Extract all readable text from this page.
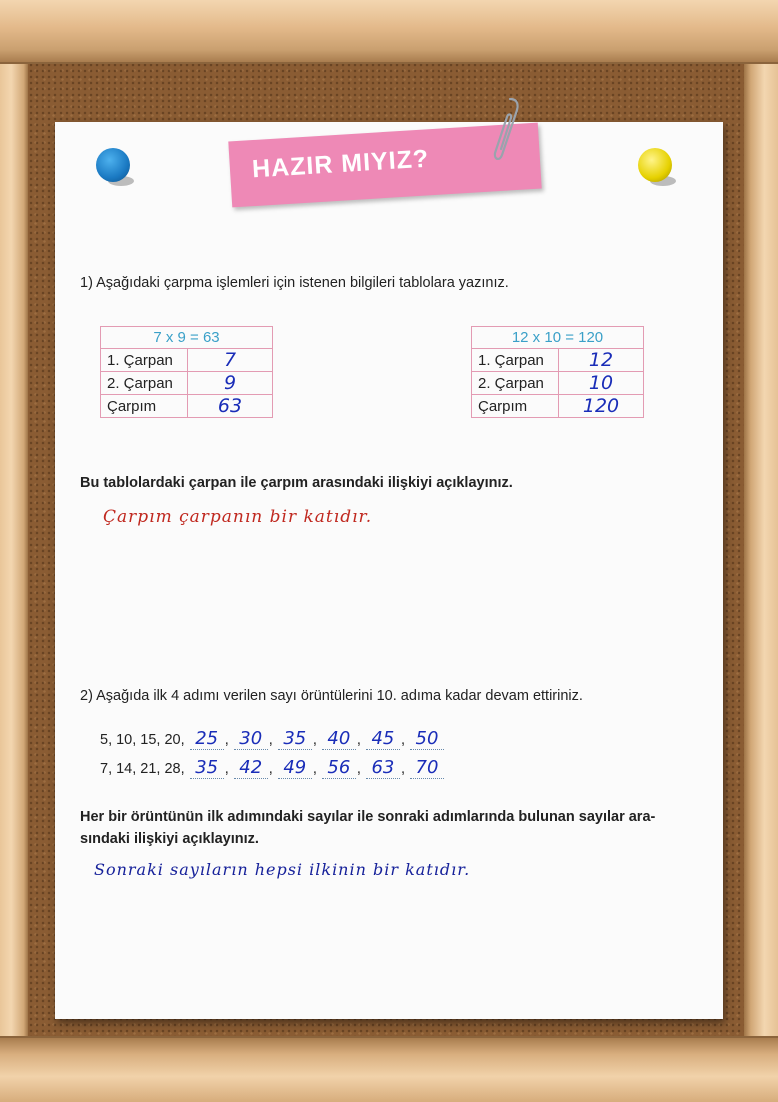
HAZIR MIYIZ?
1) Aşağıdaki çarpma işlemleri için istenen bilgileri tablolara yazınız.
7 x 9 = 63	
1. Çarpan	7
2. Çarpan	9
Çarpım	63
12 x 10 = 120	
1. Çarpan	12
2. Çarpan	10
Çarpım	120
Bu tablolardaki çarpan ile çarpım arasındaki ilişkiyi açıklayınız.
Çarpım çarpanın bir katıdır.
2) Aşağıda ilk 4 adımı verilen sayı örüntülerini 10. adıma kadar devam ettiriniz.
5, 10, 15, 20, 25 , 30 , 35 , 40 , 45 , 50
7, 14, 21, 28, 35 , 42 , 49 , 56 , 63 , 70
Her bir örüntünün ilk adımındaki sayılar ile sonraki adımlarında bulunan sayılar ara-
sındaki ilişkiyi açıklayınız.
Sonraki sayıların hepsi ilkinin bir katıdır.
